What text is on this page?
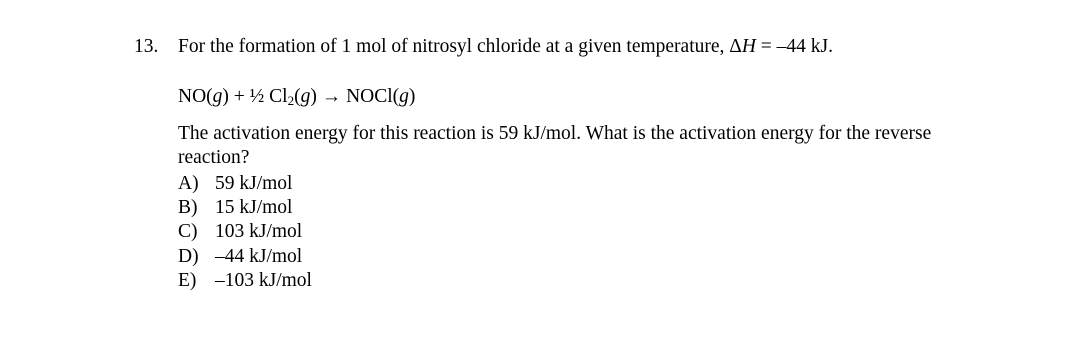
13. For the formation of 1 mol of nitrosyl chloride at a given temperature, ΔH = –44 kJ.
NO(g) + ½ $Cl_2(g)$ → NOCl(g)
The activation energy for this reaction is 59 kJ/mol. What is the activation energy for the reverse reaction?
A) 59 kJ/mol
B) 15 kJ/mol
C) 103 kJ/mol
D) –44 kJ/mol
E) –103 kJ/mol
